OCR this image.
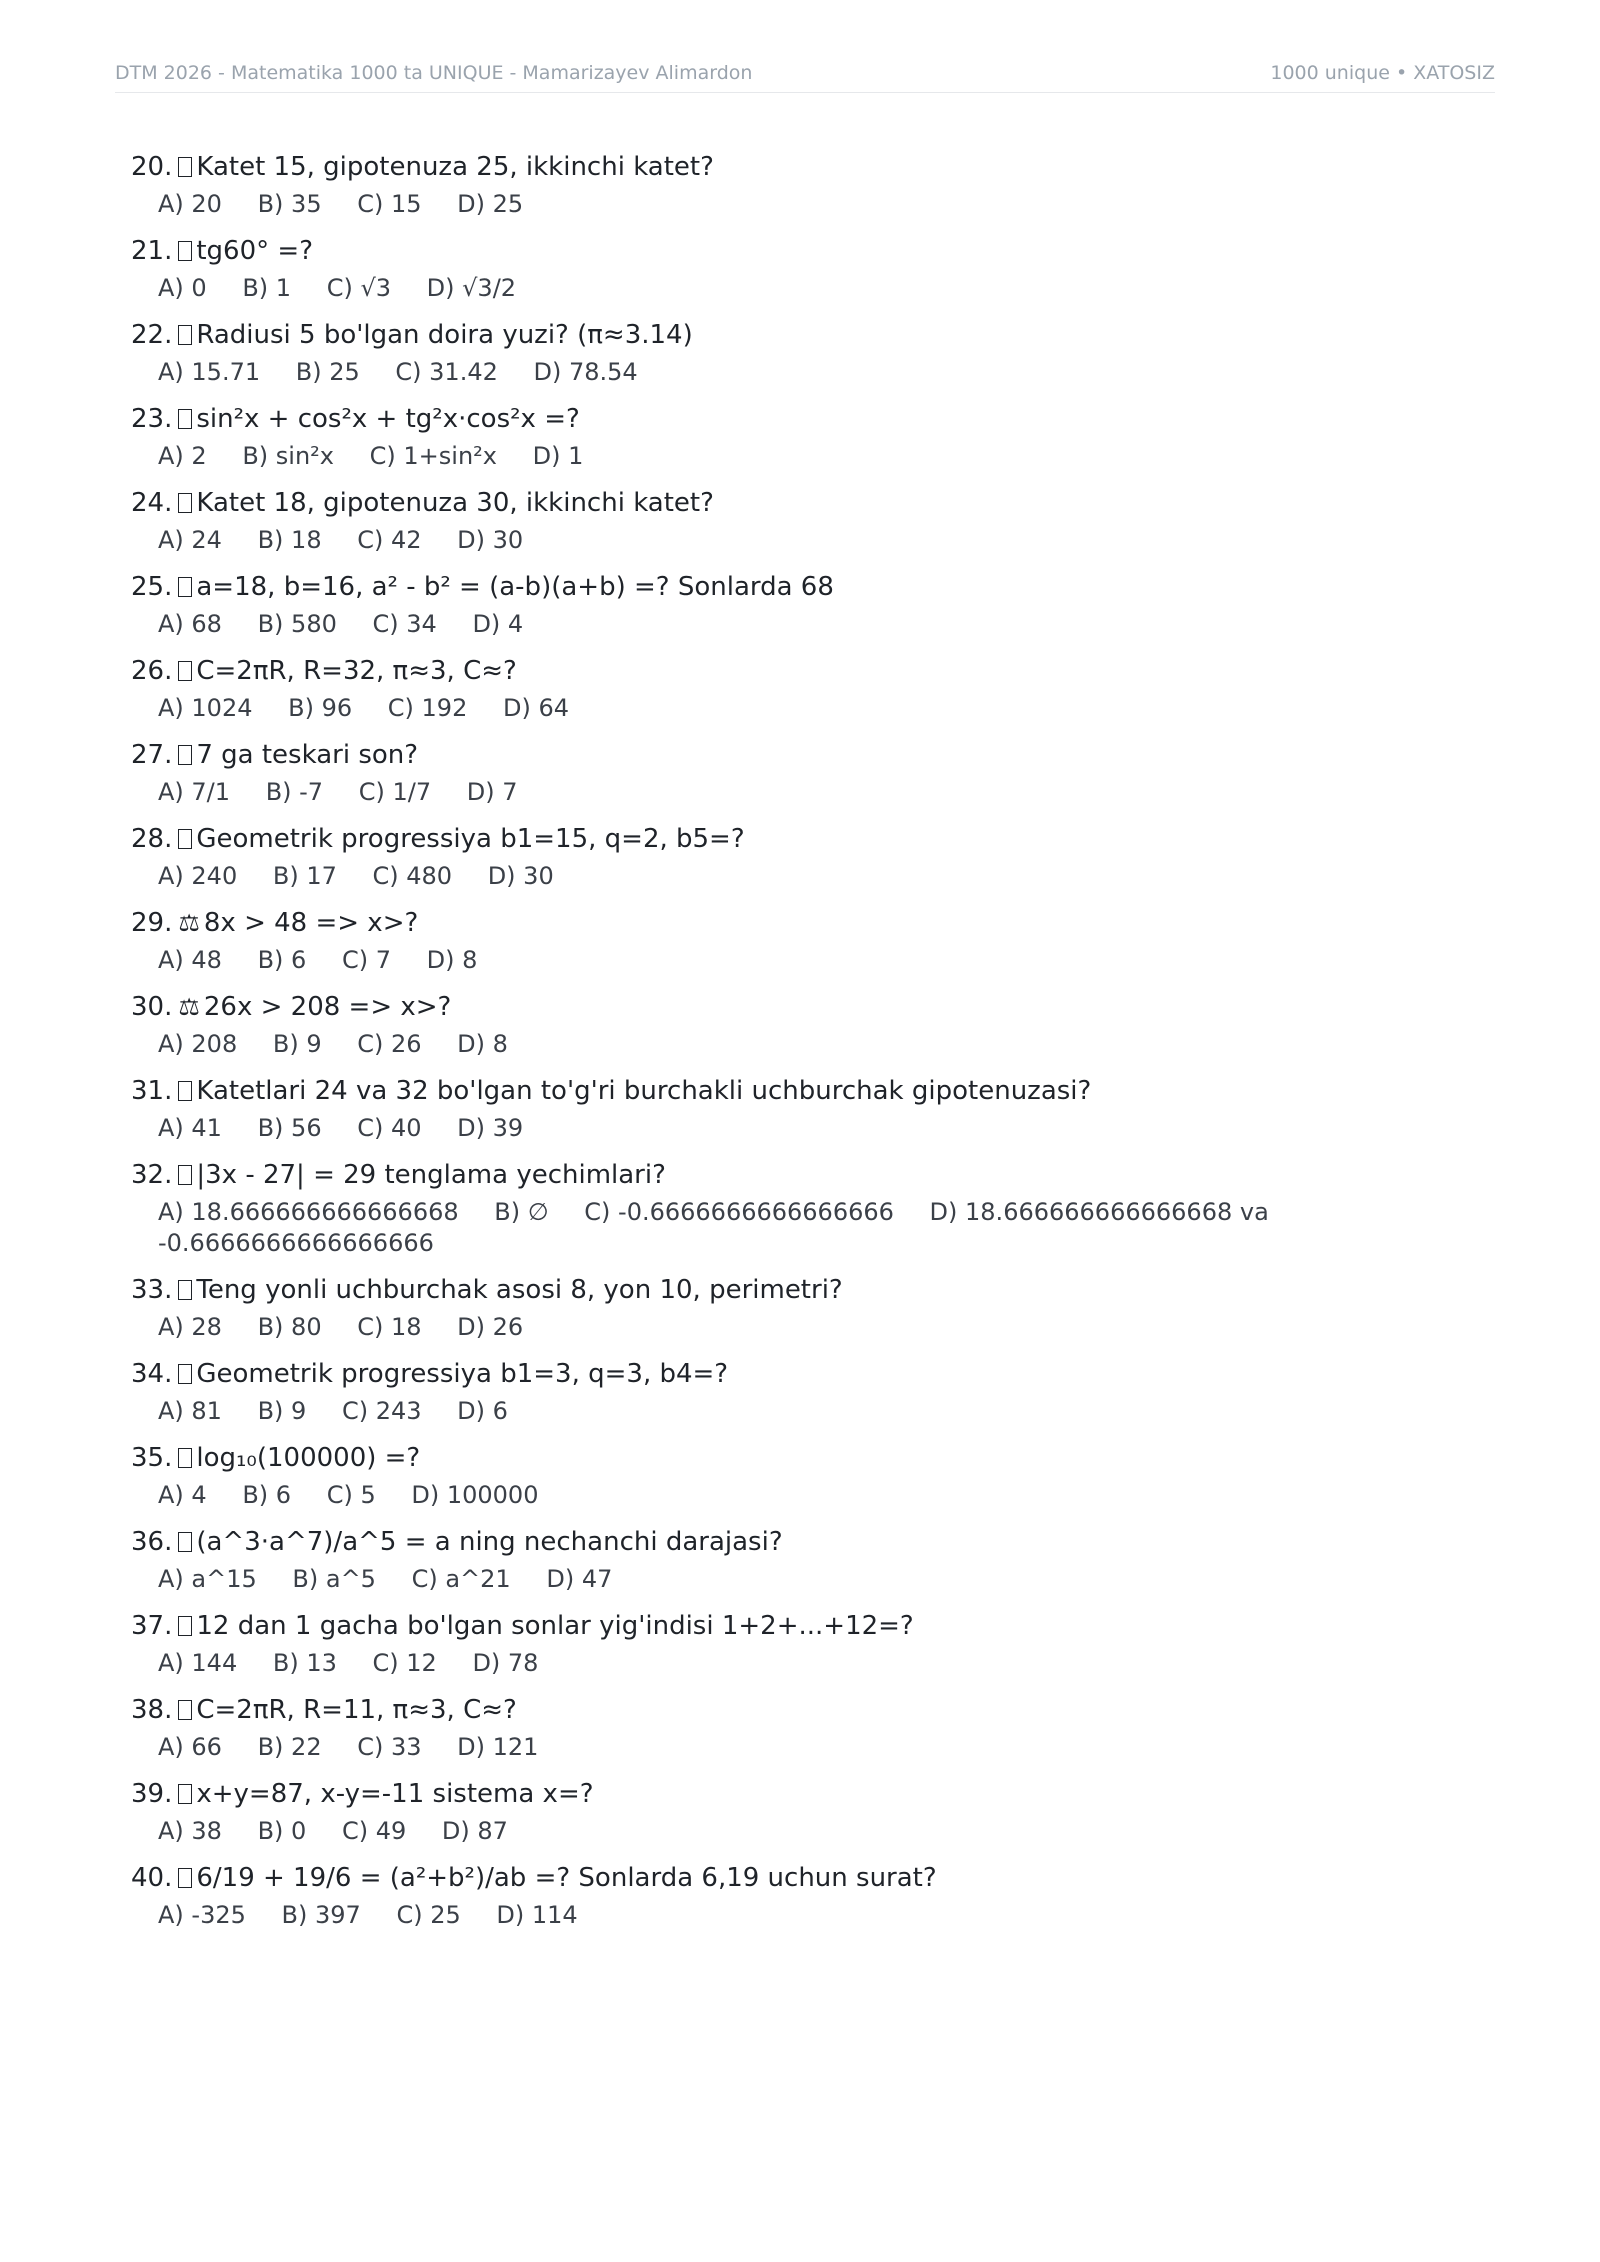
DTM 2026 - Matematika 1000 ta UNIQUE - Mamarizayev Alimardon	1000 unique • XATOSIZ
20. Katet 15, gipotenuza 25, ikkinchi katet?
A) 20 B) 35 C) 15 D) 25
21. tg60° =?
A) 0 B) 1 C) √3 D) √3/2
22. Radiusi 5 bo'lgan doira yuzi? (π≈3.14)
A) 15.71 B) 25 C) 31.42 D) 78.54
23. sin²x + cos²x + tg²x·cos²x =?
A) 2 B) sin²x C) 1+sin²x D) 1
24. Katet 18, gipotenuza 30, ikkinchi katet?
A) 24 B) 18 C) 42 D) 30
25. a=18, b=16, a² - b² = (a-b)(a+b) =? Sonlarda 68
A) 68 B) 580 C) 34 D) 4
26. C=2πR, R=32, π≈3, C≈?
A) 1024 B) 96 C) 192 D) 64
27. 7 ga teskari son?
A) 7/1 B) -7 C) 1/7 D) 7
28. Geometrik progressiya b1=15, q=2, b5=?
A) 240 B) 17 C) 480 D) 30
29. ⚖ 8x > 48 => x>?
A) 48 B) 6 C) 7 D) 8
30. ⚖ 26x > 208 => x>?
A) 208 B) 9 C) 26 D) 8
31. Katetlari 24 va 32 bo'lgan to'g'ri burchakli uchburchak gipotenuzasi?
A) 41 B) 56 C) 40 D) 39
32. |3x - 27| = 29 tenglama yechimlari?
A) 18.666666666666668 B) ∅ C) -0.6666666666666666 D) 18.666666666666668 va -0.6666666666666666
33. Teng yonli uchburchak asosi 8, yon 10, perimetri?
A) 28 B) 80 C) 18 D) 26
34. Geometrik progressiya b1=3, q=3, b4=?
A) 81 B) 9 C) 243 D) 6
35. log₁₀(100000) =?
A) 4 B) 6 C) 5 D) 100000
36. (a^3·a^7)/a^5 = a ning nechanchi darajasi?
A) a^15 B) a^5 C) a^21 D) 47
37. 12 dan 1 gacha bo'lgan sonlar yig'indisi 1+2+...+12=?
A) 144 B) 13 C) 12 D) 78
38. C=2πR, R=11, π≈3, C≈?
A) 66 B) 22 C) 33 D) 121
39. x+y=87, x-y=-11 sistema x=?
A) 38 B) 0 C) 49 D) 87
40. 6/19 + 19/6 = (a²+b²)/ab =? Sonlarda 6,19 uchun surat?
A) -325 B) 397 C) 25 D) 114
